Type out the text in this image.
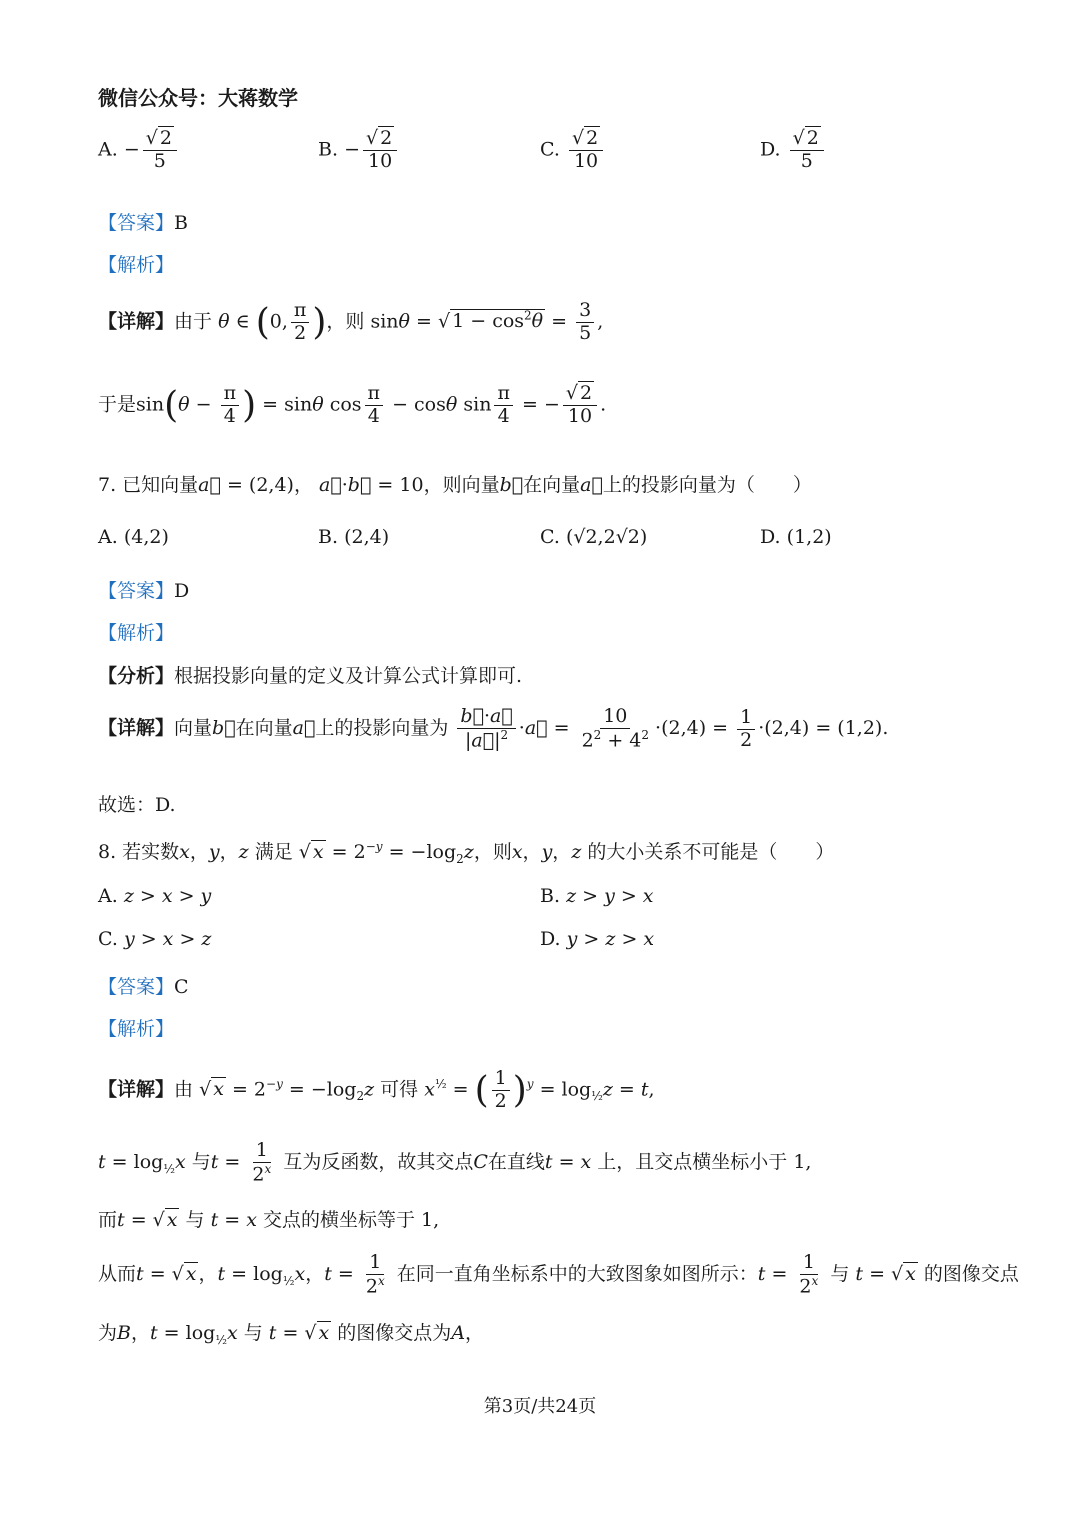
微信公众号：大蒋数学
A. − $\frac{√ 2}{5}$	B. − $\frac{√ 2}{10}$	C. $\frac{√ 2}{10}$	D. $\frac{√ 2}{5}$
【答案】B
【解析】
【详解】由于 θ ∈ (0, $\frac{\pi}{2}$ )，则 sinθ = √ $1 - \cos^2\theta = \frac{3}{5}$ ,
于是$\sin(\theta - \frac{\pi}{4}$ ) = sinθ $\cos \frac{\pi}{4} - \cos\theta$ $\sin \frac{\pi}{4}$ = − $\frac{√ 2}{10}$ .
7. 已知向量a⃗ = (2,4)， a⃗·b⃗ = 10，则向量b⃗在向量a⃗上的投影向量为（　　）
A. (4,2)	B. (2,4)	C. (√2,2√2)	D. (1,2)
【答案】D
【解析】
【分析】根据投影向量的定义及计算公式计算即可.
【详解】向量b⃗在向量a⃗上的投影向量为 $\frac{b⃗\cdot a⃗}{|a⃗|^2}$ ·a⃗ = $\frac{10}{2^2 + 4^2} \cdot(2,4) = \frac{1}{2} \cdot(2,4) = (1,2)$.
故选：D.
8. 若实数x，y，z 满足 √ $x = 2^{-y} = -\log_2z$，则x，y，z 的大小关系不可能是（　　）
A. z > x > y	B. z > y > x
C. y > x > z	D. y > z > x
【答案】C
【解析】
【详解】由 √ $x = 2^{-y} = -\log_2z$ 可得 $x^{\frac{1}{2}}$ = ( $\frac{1}{2} )^y = \log_{\frac{1}{2}}z = t$,
$t = \log_{\frac{1}{2}}x$ 与$t = \frac{1}{2^x}$ 互为反函数，故其交点C在直线t = x 上，且交点横坐标小于 1,
而t = √ x 与 t = x 交点的横坐标等于 1,
从而t = √ x ，$t = \log_{\frac{1}{2}}x$，$t = \frac{1}{2^x}$ 在同一直角坐标系中的大致图象如图所示：$t = \frac{1}{2^x}$ 与 t = √ x 的图像交点
为B，$t = \log_{\frac{1}{2}}x$ 与 t = √ x 的图像交点为A，
第3页/共24页
